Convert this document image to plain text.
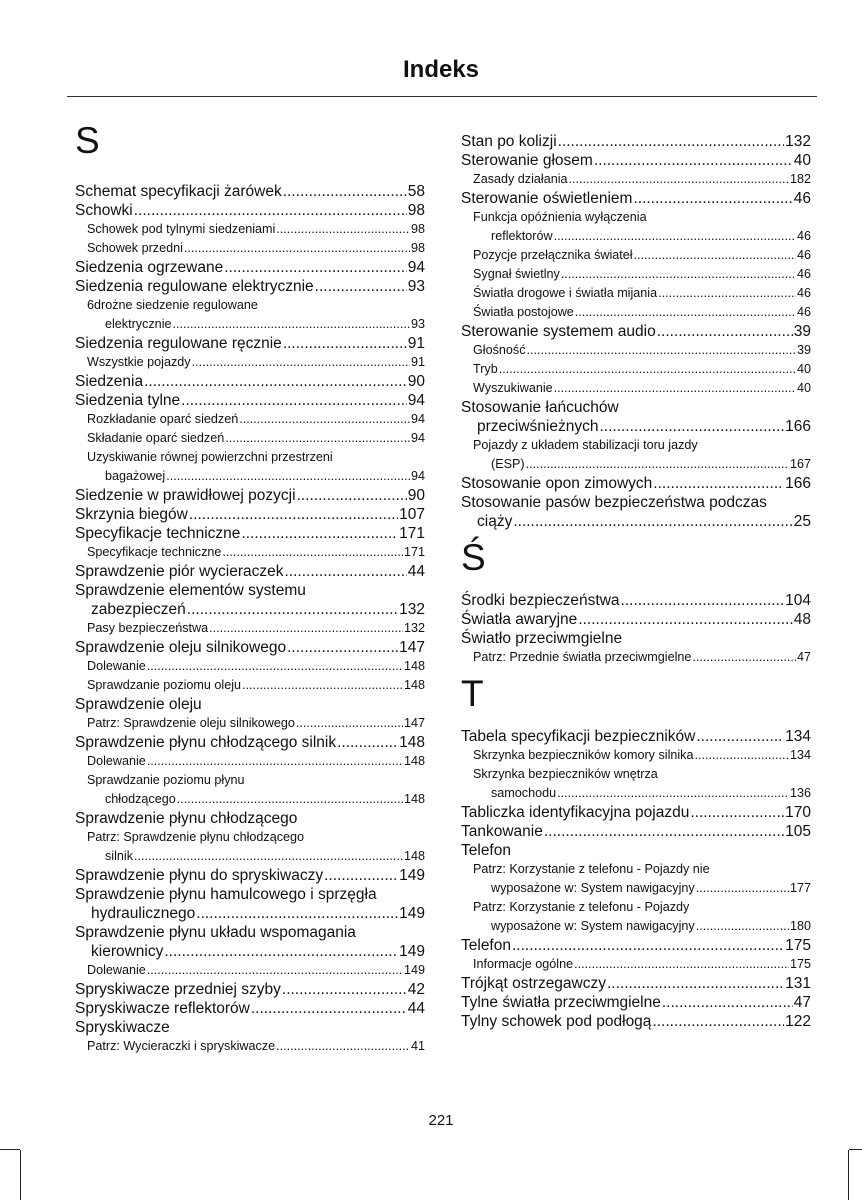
Indeks
S
Schemat specyfikacji żarówek .....	58
Schowki .....	98
Schowek pod tylnymi siedzeniami .....	98
Schowek przedni .....	98
Siedzenia ogrzewane .....	94
Siedzenia regulowane elektrycznie .....	93
6drożne siedzenie regulowane
elektrycznie .....	93
Siedzenia regulowane ręcznie .....	91
Wszystkie pojazdy .....	91
Siedzenia .....	90
Siedzenia tylne .....	94
Rozkładanie oparć siedzeń .....	94
Składanie oparć siedzeń .....	94
Uzyskiwanie równej powierzchni przestrzeni
bagażowej .....	94
Siedzenie w prawidłowej pozycji .....	90
Skrzynia biegów .....	107
Specyfikacje techniczne .....	171
Specyfikacje techniczne .....	171
Sprawdzenie piór wycieraczek .....	44
Sprawdzenie elementów systemu
zabezpieczeń .....	132
Pasy bezpieczeństwa .....	132
Sprawdzenie oleju silnikowego .....	147
Dolewanie .....	148
Sprawdzanie poziomu oleju .....	148
Sprawdzenie oleju
Patrz: Sprawdzenie oleju silnikowego .....	147
Sprawdzenie płynu chłodzącego silnik .....	148
Dolewanie .....	148
Sprawdzanie poziomu płynu
chłodzącego .....	148
Sprawdzenie płynu chłodzącego
Patrz: Sprawdzenie płynu chłodzącego
silnik .....	148
Sprawdzenie płynu do spryskiwaczy .....	149
Sprawdzenie płynu hamulcowego i sprzęgła
hydraulicznego .....	149
Sprawdzenie płynu układu wspomagania
kierownicy .....	149
Dolewanie .....	149
Spryskiwacze przedniej szyby .....	42
Spryskiwacze reflektorów .....	44
Spryskiwacze
Patrz: Wycieraczki i spryskiwacze .....	41
Stan po kolizji .....	132
Sterowanie głosem .....	40
Zasady działania .....	182
Sterowanie oświetleniem .....	46
Funkcja opóźnienia wyłączenia
reflektorów .....	46
Pozycje przełącznika świateł .....	46
Sygnał świetlny .....	46
Światła drogowe i światła mijania .....	46
Światła postojowe .....	46
Sterowanie systemem audio .....	39
Głośność .....	39
Tryb .....	40
Wyszukiwanie .....	40
Stosowanie łańcuchów
przeciwśnieżnych .....	166
Pojazdy z układem stabilizacji toru jazdy
(ESP) .....	167
Stosowanie opon zimowych .....	166
Stosowanie pasów bezpieczeństwa podczas
ciąży .....	25
Ś
Środki bezpieczeństwa .....	104
Światła awaryjne .....	48
Światło przeciwmgielne
Patrz: Przednie światła przeciwmgielne .....	47
T
Tabela specyfikacji bezpieczników .....	134
Skrzynka bezpieczników komory silnika .....	134
Skrzynka bezpieczników wnętrza
samochodu .....	136
Tabliczka identyfikacyjna pojazdu .....	170
Tankowanie .....	105
Telefon
Patrz: Korzystanie z telefonu - Pojazdy nie
wyposażone w: System nawigacyjny .....	177
Patrz: Korzystanie z telefonu - Pojazdy
wyposażone w: System nawigacyjny .....	180
Telefon .....	175
Informacje ogólne .....	175
Trójkąt ostrzegawczy .....	131
Tylne światła przeciwmgielne .....	47
Tylny schowek pod podłogą .....	122
221
